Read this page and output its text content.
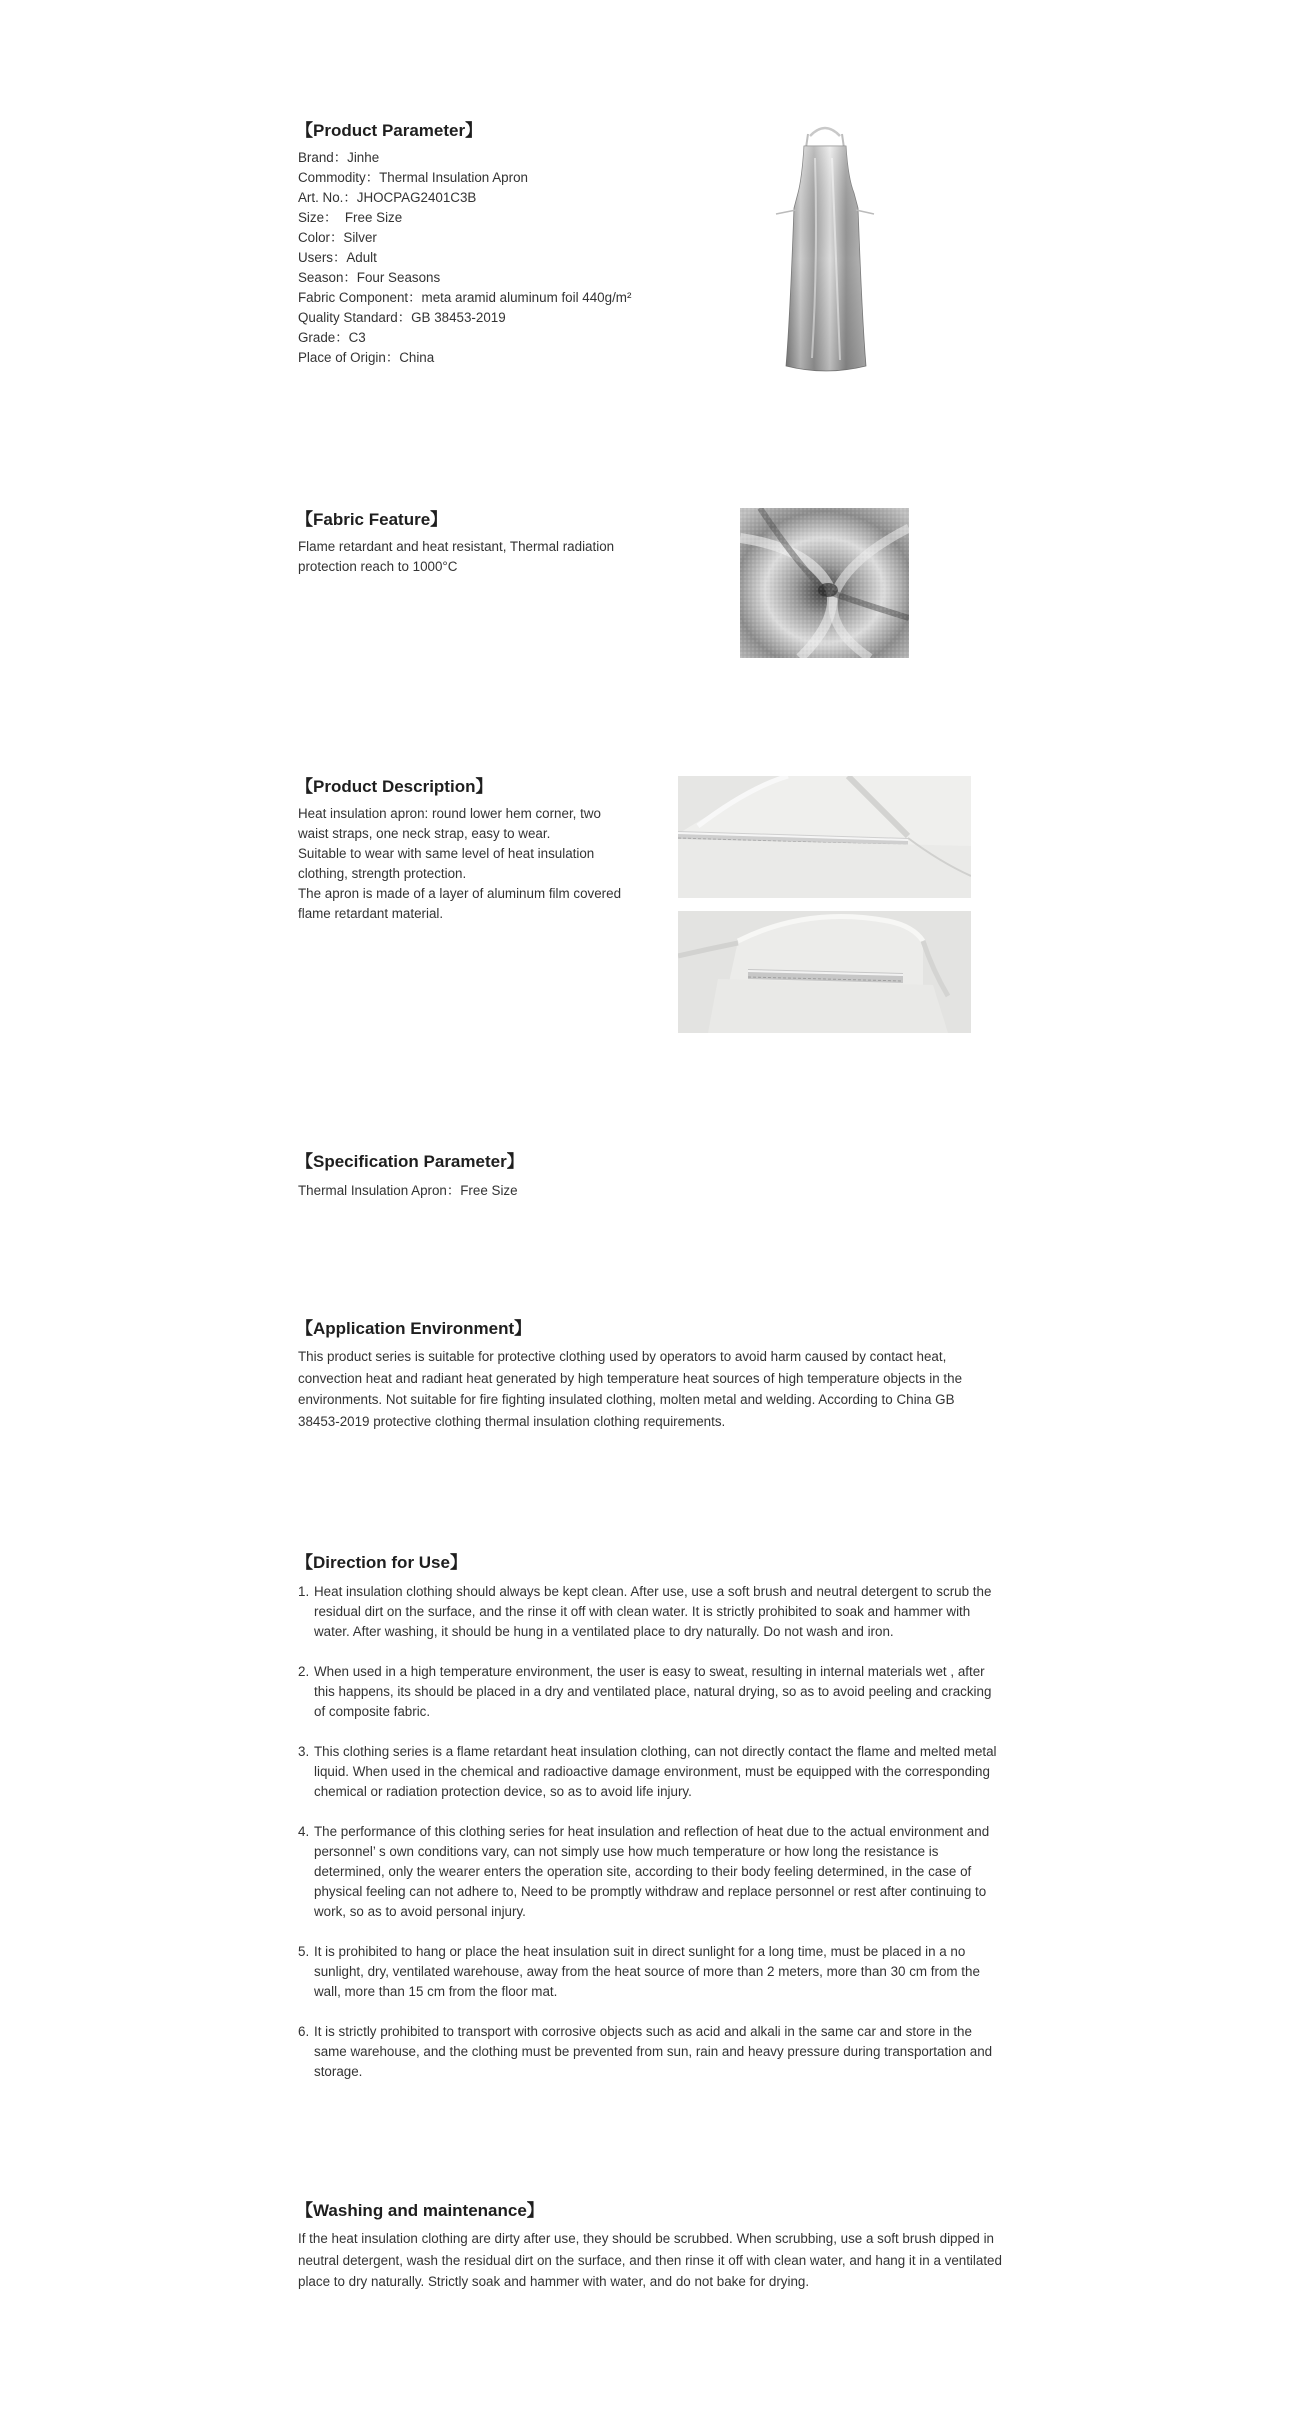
【Product Parameter】
Brand：Jinhe
Commodity：Thermal Insulation Apron
Art. No.：JHOCPAG2401C3B
Size：  Free Size
Color：Silver
Users：Adult
Season：Four Seasons
Fabric Component：meta aramid aluminum foil 440g/m²
Quality Standard：GB 38453-2019
Grade：C3
Place of Origin：China
【Fabric Feature】
Flame retardant and heat resistant, Thermal radiation
protection reach to 1000°C
【Product Description】
Heat insulation apron: round lower hem corner, two
waist straps, one neck strap, easy to wear.
Suitable to wear with same level of heat insulation
clothing, strength protection.
The apron is made of a layer of aluminum film covered
flame retardant material.
【Specification Parameter】
Thermal Insulation Apron：Free Size
【Application Environment】

This product series is suitable for protective clothing used by operators to avoid harm caused by contact heat, convection heat and radiant heat generated by high temperature heat sources of high temperature objects in the environments. Not suitable for fire fighting insulated clothing, molten metal and welding. According to China GB 38453-2019 protective clothing thermal insulation clothing requirements.

【Direction for Use】
1. Heat insulation clothing should always be kept clean. After use, use a soft brush and neutral detergent to scrub the residual dirt on the surface, and the rinse it off with clean water. It is strictly prohibited to soak and hammer with water. After washing, it should be hung in a ventilated place to dry naturally. Do not wash and iron.
2. When used in a high temperature environment, the user is easy to sweat, resulting in internal materials wet , after this happens, its should be placed in a dry and ventilated place, natural drying, so as to avoid peeling and cracking of composite fabric.
3. This clothing series is a flame retardant heat insulation clothing, can not directly contact the flame and melted metal liquid. When used in the chemical and radioactive damage environment, must be equipped with the corresponding chemical or radiation protection device, so as to avoid life injury.
4. The performance of this clothing series for heat insulation and reflection of heat due to the actual environment and personnel’ s own conditions vary, can not simply use how much temperature or how long the resistance is determined, only the wearer enters the operation site, according to their body feeling determined, in the case of physical feeling can not adhere to, Need to be promptly withdraw and replace personnel or rest after continuing to work, so as to avoid personal injury.
5. It is prohibited to hang or place the heat insulation suit in direct sunlight for a long time, must be placed in a no sunlight, dry, ventilated warehouse, away from the heat source of more than 2 meters, more than 30 cm from the wall, more than 15 cm from the floor mat.
6. It is strictly prohibited to transport with corrosive objects such as acid and alkali in the same car and store in the same warehouse, and the clothing must be prevented from sun, rain and heavy pressure during transportation and storage.
【Washing and maintenance】

If the heat insulation clothing are dirty after use, they should be scrubbed. When scrubbing, use a soft brush dipped in neutral detergent, wash the residual dirt on the surface, and then rinse it off with clean water, and hang it in a ventilated place to dry naturally. Strictly soak and hammer with water, and do not bake for drying.
